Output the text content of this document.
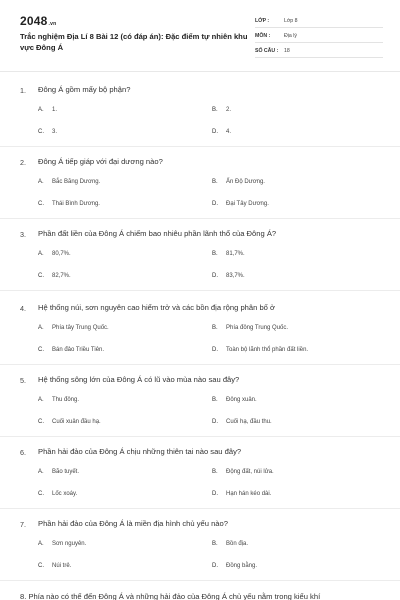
2048.vn
Trắc nghiệm Địa Lí 8 Bài 12 (có đáp án): Đặc điểm tự nhiên khu vực Đông Á
LỚP :	Lớp 8
MÔN :	Địa lý
SỐ CÂU : 18
1. Đông Á gồm mấy bộ phận?
A. 1.	B. 2.
C. 3.	D. 4.
2. Đông Á tiếp giáp với đại dương nào?
A. Bắc Băng Dương.	B. Ấn Độ Dương.
C. Thái Bình Dương.	D. Đại Tây Dương.
3. Phần đất liền của Đông Á chiếm bao nhiêu phần lãnh thổ của Đông Á?
A. 80,7%.	B. 81,7%.
C. 82,7%.	D. 83,7%.
4. Hệ thống núi, sơn nguyên cao hiểm trở và các bồn địa rộng phân bố ở
A. Phía tây Trung Quốc.	B. Phía đông Trung Quốc.
C. Bán đảo Triều Tiên.	D. Toàn bộ lãnh thổ phần đất liền.
5. Hệ thống sông lớn của Đông Á có lũ vào mùa nào sau đây?
A. Thu đông.	B. Đông xuân.
C. Cuối xuân đầu hạ.	D. Cuối hạ, đầu thu.
6. Phần hải đảo của Đông Á chịu những thiên tai nào sau đây?
A. Bão tuyết.	B. Động đất, núi lửa.
C. Lốc xoáy.	D. Hạn hán kéo dài.
7. Phần hải đảo của Đông Á là miền địa hình chủ yếu nào?
A. Sơn nguyên.	B. Bồn địa.
C. Núi trẻ.	D. Đồng bằng.
8. Phía nào có thể đến Đông Á và những hải đảo của Đông Á chủ yếu nằm trong kiểu khí
